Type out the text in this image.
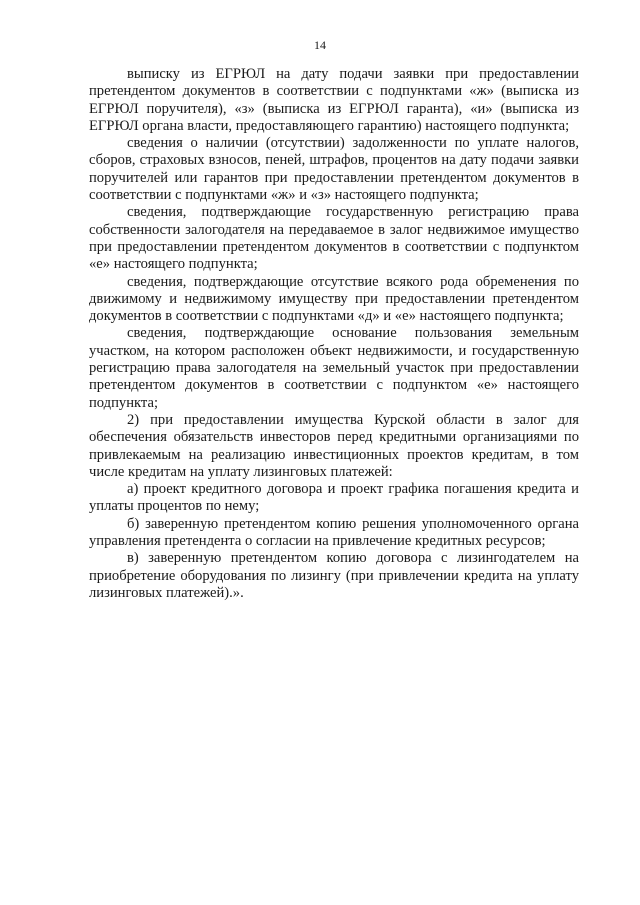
14

выписку из ЕГРЮЛ на дату подачи заявки при предоставлении претендентом документов в соответствии с подпунктами «ж» (выписка из ЕГРЮЛ поручителя), «з» (выписка из ЕГРЮЛ гаранта), «и» (выписка из ЕГРЮЛ органа власти, предоставляющего гарантию) настоящего подпункта;

сведения о наличии (отсутствии) задолженности по уплате налогов, сборов, страховых взносов, пеней, штрафов, процентов на дату подачи заявки поручителей или гарантов при предоставлении претендентом документов в соответствии с подпунктами «ж» и «з» настоящего подпункта;

сведения, подтверждающие государственную регистрацию права собственности залогодателя на передаваемое в залог недвижимое имущество при предоставлении претендентом документов в соответствии с подпунктом «е» настоящего подпункта;

сведения, подтверждающие отсутствие всякого рода обременения по движимому и недвижимому имуществу при предоставлении претендентом документов в соответствии с подпунктами «д» и «е» настоящего подпункта;

сведения, подтверждающие основание пользования земельным участком, на котором расположен объект недвижимости, и государственную регистрацию права залогодателя на земельный участок при предоставлении претендентом документов в соответствии с подпунктом «е» настоящего подпункта;

2) при предоставлении имущества Курской области в залог для обеспечения обязательств инвесторов перед кредитными организациями по привлекаемым на реализацию инвестиционных проектов кредитам, в том числе кредитам на уплату лизинговых платежей:

а) проект кредитного договора и проект графика погашения кредита и уплаты процентов по нему;

б) заверенную претендентом копию решения уполномоченного органа управления претендента о согласии на привлечение кредитных ресурсов;

в) заверенную претендентом копию договора с лизингодателем на приобретение оборудования по лизингу (при привлечении кредита на уплату лизинговых платежей).».
